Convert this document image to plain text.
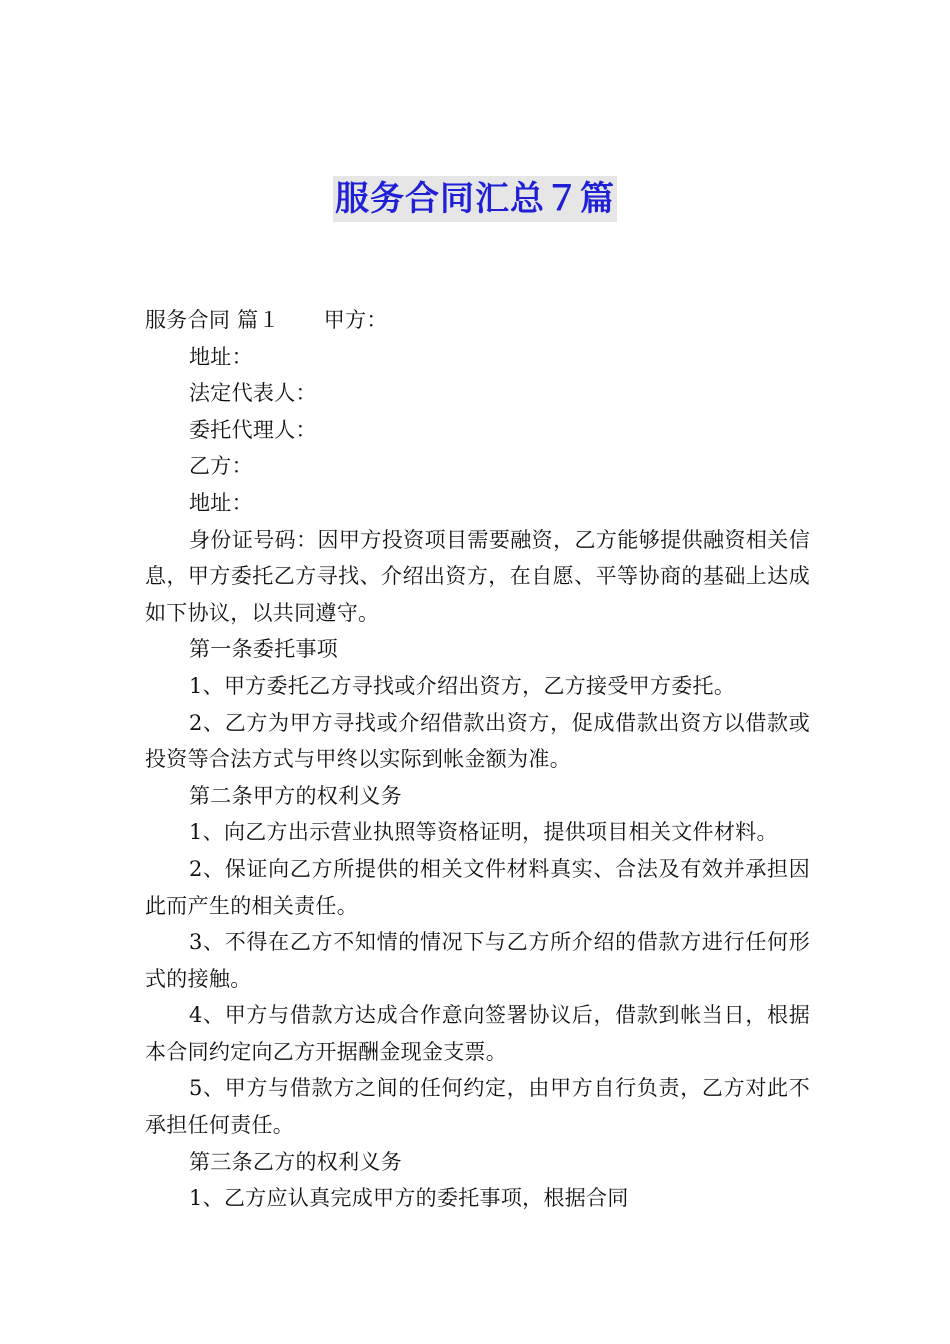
服务合同汇总７篇

服务合同 篇１ 甲方：

地址：

法定代表人：

委托代理人：

乙方：

地址：

身份证号码：因甲方投资项目需要融资，乙方能够提供融资相关信息，甲方委托乙方寻找、介绍出资方，在自愿、平等协商的基础上达成如下协议，以共同遵守。

第一条委托事项

1、甲方委托乙方寻找或介绍出资方，乙方接受甲方委托。

2、乙方为甲方寻找或介绍借款出资方，促成借款出资方以借款或投资等合法方式与甲终以实际到帐金额为准。

第二条甲方的权利义务

1、向乙方出示营业执照等资格证明，提供项目相关文件材料。

2、保证向乙方所提供的相关文件材料真实、合法及有效并承担因此而产生的相关责任。

3、不得在乙方不知情的情况下与乙方所介绍的借款方进行任何形式的接触。

4、甲方与借款方达成合作意向签署协议后，借款到帐当日，根据本合同约定向乙方开据酬金现金支票。

5、甲方与借款方之间的任何约定，由甲方自行负责，乙方对此不承担任何责任。

第三条乙方的权利义务

1、乙方应认真完成甲方的委托事项，根据合同
